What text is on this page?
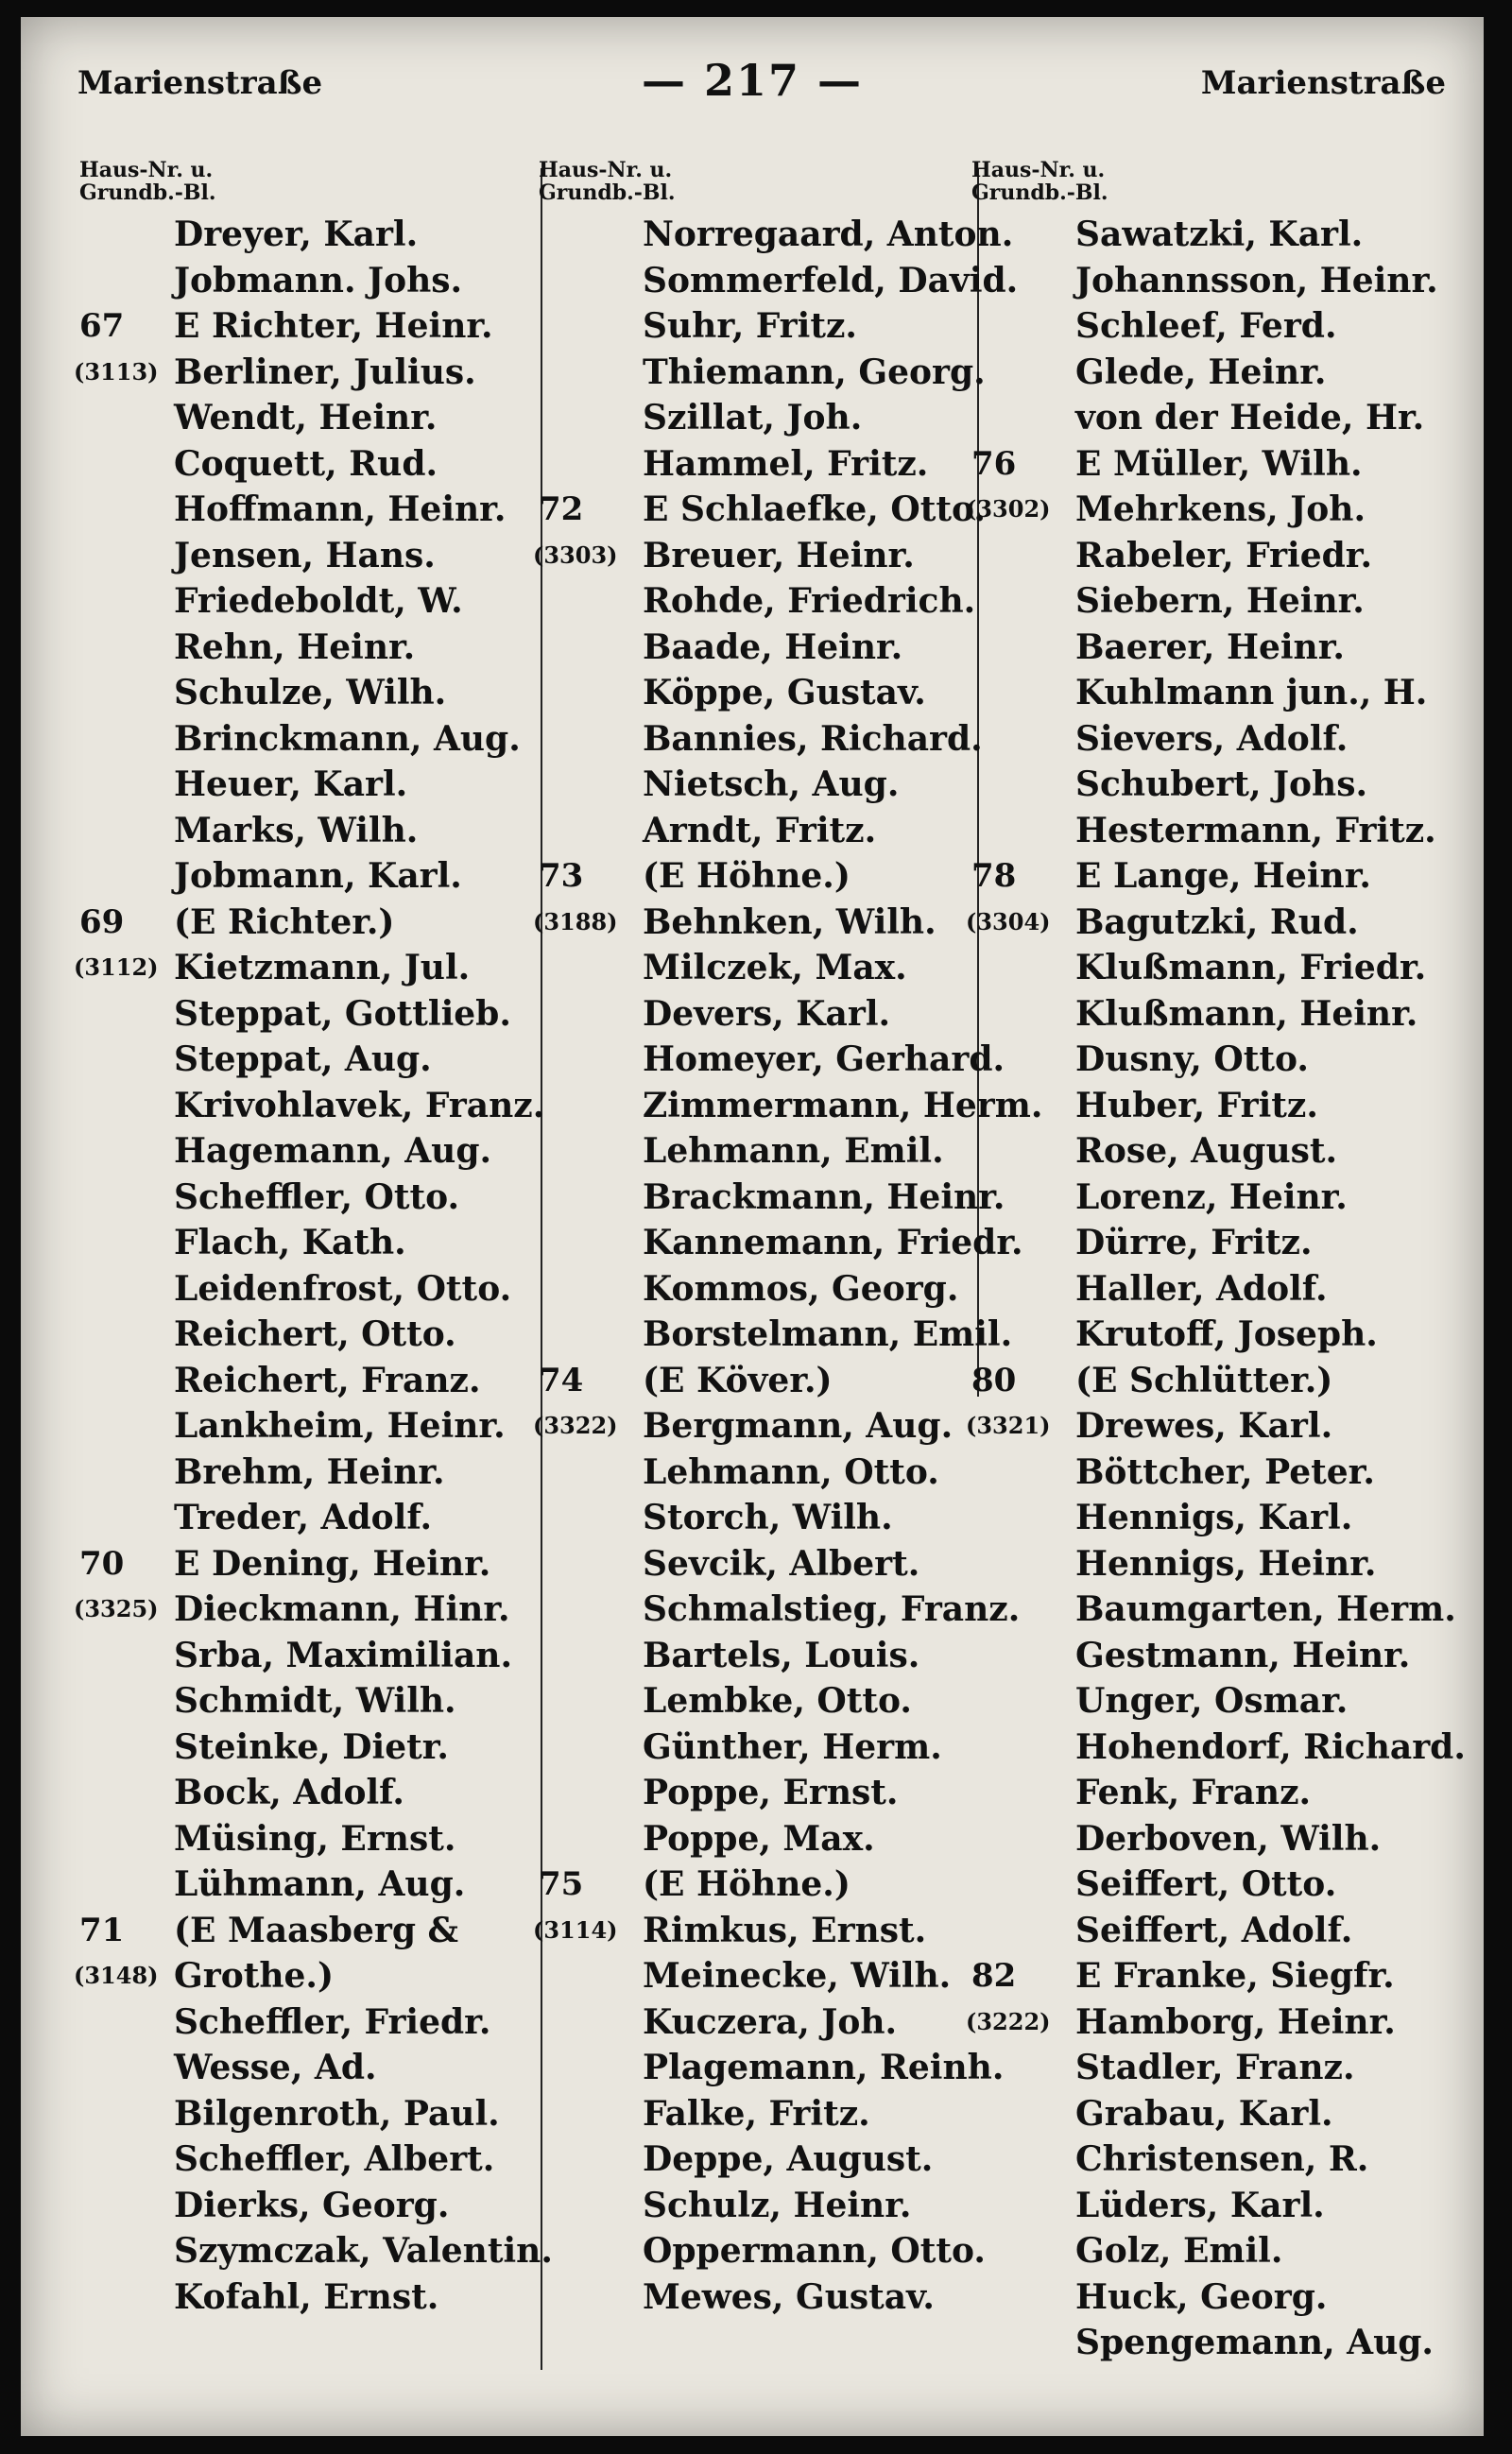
Marienstraße	— 217 —	Marienstraße
Haus-Nr. u.
Grundb.-Bl.
Dreyer, Karl.
Jobmann. Johs.
67	E Richter, Heinr.
(3113) Berliner, Julius.
Wendt, Heinr.
Coquett, Rud.
Hoffmann, Heinr.
Jensen, Hans.
Friedeboldt, W.
Rehn, Heinr.
Schulze, Wilh.
Brinckmann, Aug.
Heuer, Karl.
Marks, Wilh.
Jobmann, Karl.
69	(E Richter.)
(3112) Kietzmann, Jul.
Steppat, Gottlieb.
Steppat, Aug.
Krivohlavek, Franz.
Hagemann, Aug.
Scheffler, Otto.
Flach, Kath.
Leidenfrost, Otto.
Reichert, Otto.
Reichert, Franz.
Lankheim, Heinr.
Brehm, Heinr.
Treder, Adolf.
70	E Dening, Heinr.
(3325) Dieckmann, Hinr.
Srba, Maximilian.
Schmidt, Wilh.
Steinke, Dietr.
Bock, Adolf.
Müsing, Ernst.
Lühmann, Aug.
71	(E Maasberg &
(3148) Grothe.)
Scheffler, Friedr.
Wesse, Ad.
Bilgenroth, Paul.
Scheffler, Albert.
Dierks, Georg.
Szymczak, Valentin.
Kofahl, Ernst.
Haus-Nr. u.
Grundb.-Bl.
Norregaard, Anton.
Sommerfeld, David.
Suhr, Fritz.
Thiemann, Georg.
Szillat, Joh.
Hammel, Fritz.
72	E Schlaefke, Otto.
(3303) Breuer, Heinr.
Rohde, Friedrich.
Baade, Heinr.
Köppe, Gustav.
Bannies, Richard.
Nietsch, Aug.
Arndt, Fritz.
73	(E Höhne.)
(3188) Behnken, Wilh.
Milczek, Max.
Devers, Karl.
Homeyer, Gerhard.
Zimmermann, Herm.
Lehmann, Emil.
Brackmann, Heinr.
Kannemann, Friedr.
Kommos, Georg.
Borstelmann, Emil.
74	(E Köver.)
(3322) Bergmann, Aug.
Lehmann, Otto.
Storch, Wilh.
Sevcik, Albert.
Schmalstieg, Franz.
Bartels, Louis.
Lembke, Otto.
Günther, Herm.
Poppe, Ernst.
Poppe, Max.
75	(E Höhne.)
(3114) Rimkus, Ernst.
Meinecke, Wilh.
Kuczera, Joh.
Plagemann, Reinh.
Falke, Fritz.
Deppe, August.
Schulz, Heinr.
Oppermann, Otto.
Mewes, Gustav.
Haus-Nr. u.
Grundb.-Bl.
Sawatzki, Karl.
Johannsson, Heinr.
Schleef, Ferd.
Glede, Heinr.
von der Heide, Hr.
76	E Müller, Wilh.
(3302) Mehrkens, Joh.
Rabeler, Friedr.
Siebern, Heinr.
Baerer, Heinr.
Kuhlmann jun., H.
Sievers, Adolf.
Schubert, Johs.
Hestermann, Fritz.
78	E Lange, Heinr.
(3304) Bagutzki, Rud.
Klußmann, Friedr.
Klußmann, Heinr.
Dusny, Otto.
Huber, Fritz.
Rose, August.
Lorenz, Heinr.
Dürre, Fritz.
Haller, Adolf.
Krutoff, Joseph.
80	(E Schlütter.)
(3321) Drewes, Karl.
Böttcher, Peter.
Hennigs, Karl.
Hennigs, Heinr.
Baumgarten, Herm.
Gestmann, Heinr.
Unger, Osmar.
Hohendorf, Richard.
Fenk, Franz.
Derboven, Wilh.
Seiffert, Otto.
Seiffert, Adolf.
82	E Franke, Siegfr.
(3222) Hamborg, Heinr.
Stadler, Franz.
Grabau, Karl.
Christensen, R.
Lüders, Karl.
Golz, Emil.
Huck, Georg.
Spengemann, Aug.
